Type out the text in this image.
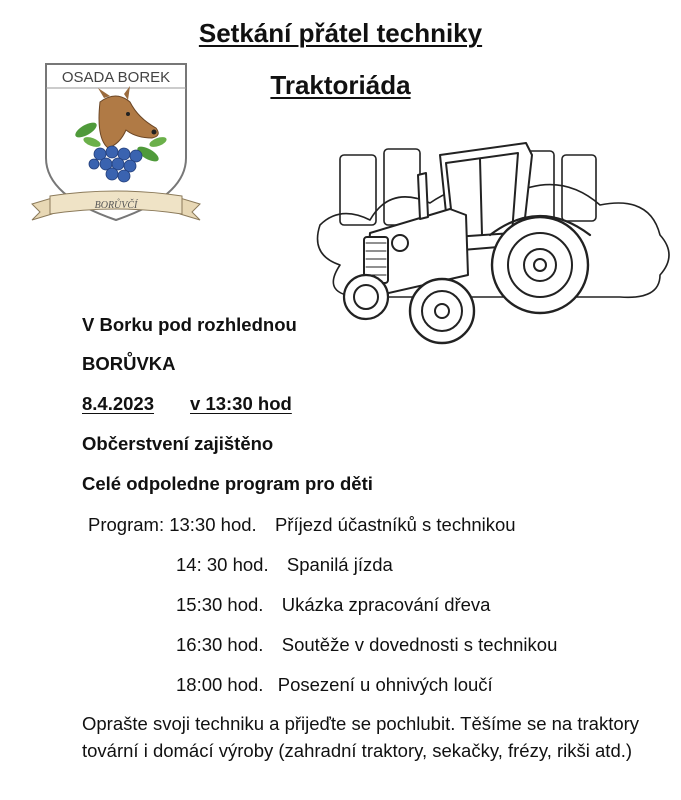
Setkání přátel techniky
Traktoriáda
OSADA BOREK
BORŮVČÍ
V Borku pod rozhlednou
BORŮVKA
8.4.2023 v 13:30 hod
Občerstvení zajištěno
Celé odpoledne program pro děti
Program: 13:30 hod. Příjezd účastníků s technikou
14: 30 hod. Spanilá jízda
15:30 hod. Ukázka zpracování dřeva
16:30 hod. Soutěže v dovednosti s technikou
18:00 hod. Posezení u ohnivých loučí
Oprašte svoji techniku a přijeďte se pochlubit. Těšíme se na traktory tovární i domácí výroby (zahradní traktory, sekačky, frézy, rikši atd.)
